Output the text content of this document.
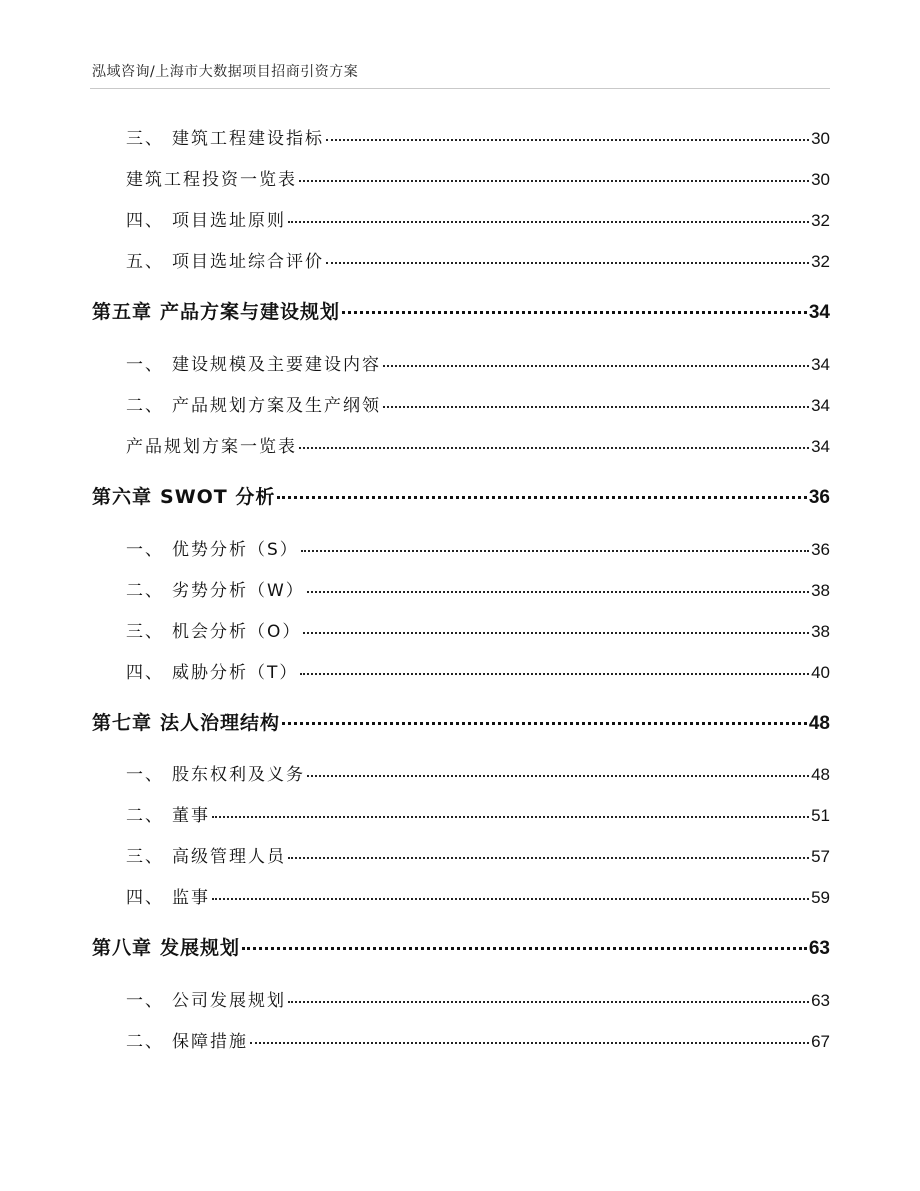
泓域咨询/上海市大数据项目招商引资方案
三、 建筑工程建设指标	30
建筑工程投资一览表	30
四、 项目选址原则	32
五、 项目选址综合评价	32
第五章 产品方案与建设规划	34
一、 建设规模及主要建设内容	34
二、 产品规划方案及生产纲领	34
产品规划方案一览表	34
第六章 SWOT 分析	36
一、 优势分析（S）	36
二、 劣势分析（W）	38
三、 机会分析（O）	38
四、 威胁分析（T）	40
第七章 法人治理结构	48
一、 股东权利及义务	48
二、 董事	51
三、 高级管理人员	57
四、 监事	59
第八章 发展规划	63
一、 公司发展规划	63
二、 保障措施	67
